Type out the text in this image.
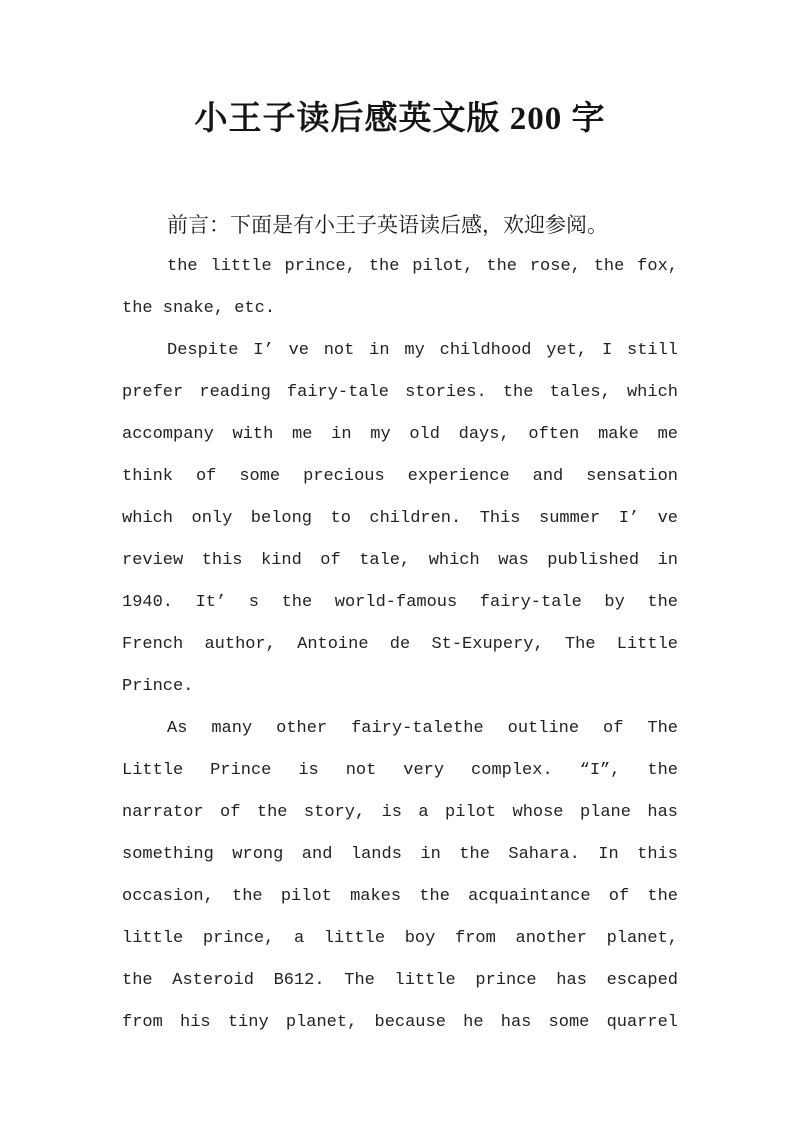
小王子读后感英文版 200 字
前言：下面是有小王子英语读后感，欢迎参阅。
the little prince, the pilot, the rose, the fox,
the snake, etc.
Despite I’ ve not in my childhood yet, I still
prefer reading fairy-tale stories. the tales, which
accompany with me in my old days, often make me
think of some precious experience and sensation
which only belong to children. This summer I’ ve
review this kind of tale, which was published in
1940. It’ s the world-famous fairy-tale by the
French author, Antoine de St-Exupery, The Little
Prince.
As many other fairy-talethe outline of The
Little Prince is not very complex. “I”, the
narrator of the story, is a pilot whose plane has
something wrong and lands in the Sahara. In this
occasion, the pilot makes the acquaintance of the
little prince, a little boy from another planet,
the Asteroid B612. The little prince has escaped
from his tiny planet, because he has some quarrel
